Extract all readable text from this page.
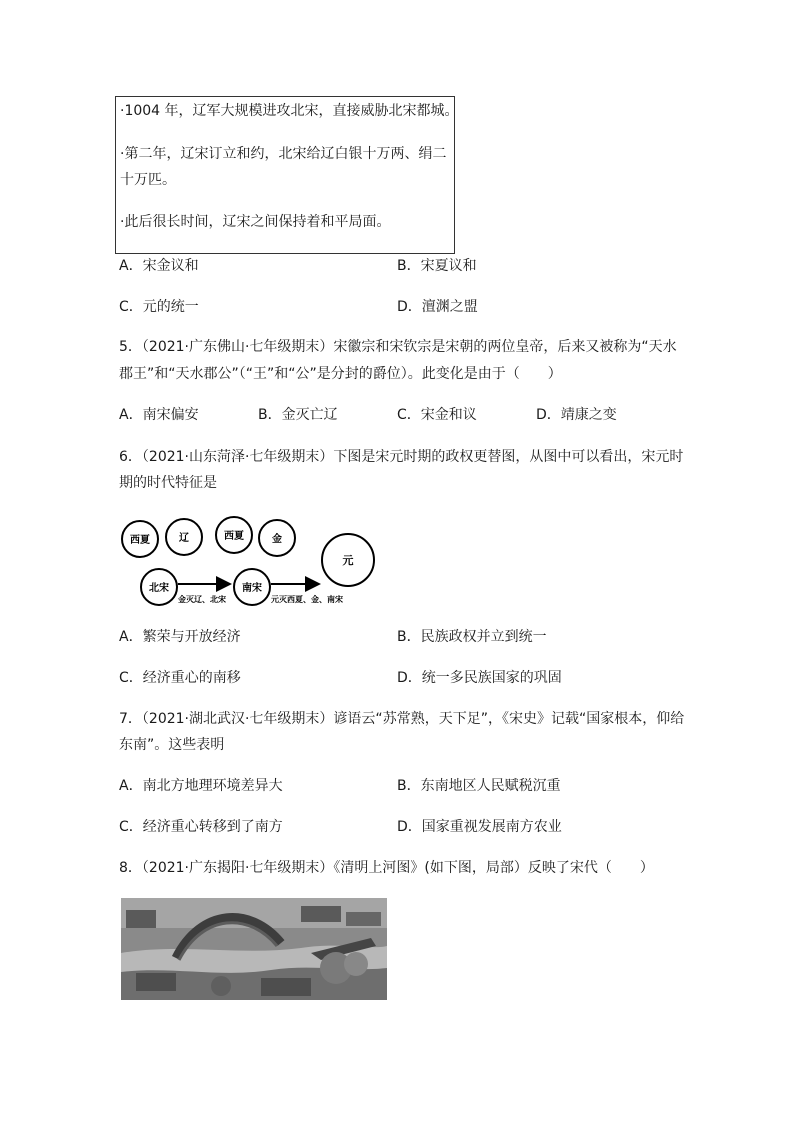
·1004 年，辽军大规模进攻北宋，直接威胁北宋都城。
·第二年，辽宋订立和约，北宋给辽白银十万两、绢二
十万匹。
·此后很长时间，辽宋之间保持着和平局面。
A．宋金议和	B．宋夏议和
C．元的统一	D．澶渊之盟
5．（2021·广东佛山·七年级期末）宋徽宗和宋钦宗是宋朝的两位皇帝，后来又被称为“天水
郡王”和“天水郡公”（“王”和“公”是分封的爵位）。此变化是由于（　　）
A．南宋偏安	B．金灭亡辽	C．宋金和议	D．靖康之变
6．（2021·山东菏泽·七年级期末）下图是宋元时期的政权更替图，从图中可以看出，宋元时
期的时代特征是
西夏	辽	西夏	金
北宋	南宋
元
金灭辽、北宋	元灭西夏、金、南宋
A．繁荣与开放经济	B．民族政权并立到统一
C．经济重心的南移	D．统一多民族国家的巩固
7．（2021·湖北武汉·七年级期末）谚语云“苏常熟，天下足”，《宋史》记载“国家根本，仰给
东南”。这些表明
A．南北方地理环境差异大	B．东南地区人民赋税沉重
C．经济重心转移到了南方	D．国家重视发展南方农业
8．（2021·广东揭阳·七年级期末）《清明上河图》(如下图，局部）反映了宋代（　　）
